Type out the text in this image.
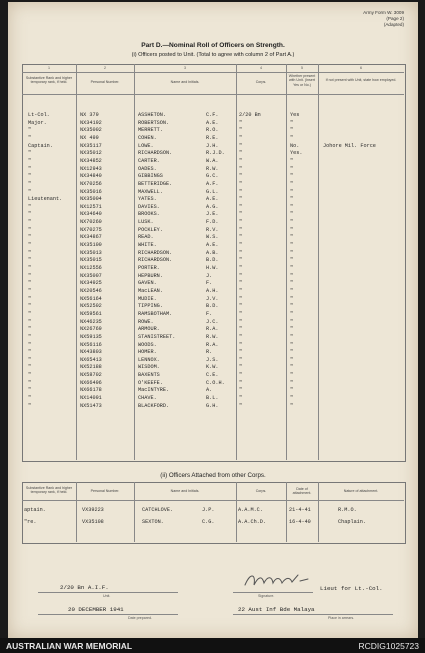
Army Form W. 3009
(Page 2)
(Adapted)
Part D.—Nominal Roll of Officers on Strength.
(i) Officers posted to Unit. (Total to agree with column 2 of Part A.)
1	2	3	4	5	6
Substantive Rank and higher temporary rank, if held.	Personal Number.	Name and Initials.	Corps.
Whether present with Unit. (Insert Yes or No.)
If not present with Unit, state how employed.
Lt-Col.	NX 379	ASSHETON.	C.F.	2/20 Bn	Yes
Major.	NX34192	ROBERTSON.	A.E.	"	"
"	NX35002	MERRETT.	R.O.	"	"
"	NX 499	COHEN.	R.E.	"	"
Captain.	NX35117	LOWE.	J.H.	"	No.	Johore Mil. Force
"	NX35012	RICHARDSON.	R.J.D.	"	Yes.
"	NX34852	CARTER.	W.A.	"	"
"	NX12943	OADES.	R.W.	"	"
"	NX34840	GIBBINGS	G.C.	"	"
"	NX70256	BETTERIDGE.	A.F.	"	"
"	NX35016	MAXWELL.	G.L.	"	"
Lieutenant.	NX35004	YATES.	A.E.	"	"
"	NX12571	DAVIES.	A.G.	"	"
"	NX34640	BROOKS.	J.E.	"	"
"	NX70260	LUSK.	F.D.	"	"
"	NX70275	POCKLEY.	R.V.	"	"
"	NX34867	READ.	W.S.	"	"
"	NX35100	WHITE.	A.E.	"	"
"	NX35013	RICHARDSON.	A.B.	"	"
"	NX35015	RICHARDSON.	B.D.	"	"
"	NX12556	PORTER.	H.W.	"	"
"	NX35007	HEPBURN.	J.	"	"
"	NX34925	GAVEN.	F.	"	"
"	NX20546	MacLEAN.	A.H.	"	"
"	NX56164	MUDIE.	J.V.	"	"
"	NX52502	TIPPING.	B.D.	"	"
"	NX59561	RAMSBOTHAM.	F.	"	"
"	NX46235	ROWE.	J.C.	"	"
"	NX26769	ARMOUR.	R.A.	"	"
"	NX59135	STANISTREET.	R.W.	"	"
"	NX56116	WOODS.	R.A.	"	"
"	NX43803	HOMER.	R.	"	"
"	NX65413	LENNOX.	J.S.	"	"
"	NX52188	WISDOM.	K.W.	"	"
"	NX58702	BAXENTS	C.E.	"	"
"	NX66496	O'KEEFE.	C.O.H.	"	"
"	NX66178	MacINTYRE.	A.	"	"
"	NX14091	CHAVE.	B.L.	"	"
"	NX51473	BLACKFORD.	G.H.	"	"
(ii) Officers Attached from other Corps.
Substantive Rank and higher temporary rank, if held.	Personal Number.	Name and Initials.	Corps.	Date of attachment.
Nature of attachment.
aptain.	VX39223	CATCHLOVE.	J.P.	A.A.M.C.	21-4-41	R.M.O.
"re.	VX35108	SEXTON.	C.G.	A.A.Ch.D.	16-4-40	Chaplain.
2/20 Bn A.I.F.
Unit.	Signature.
Lieut for Lt.-Col.
20 DECEMBER 1941
Date prepared.
22 Aust Inf Bde Malaya
Place in arrears.
AUSTRALIAN WAR MEMORIAL	RCDIG1025723
